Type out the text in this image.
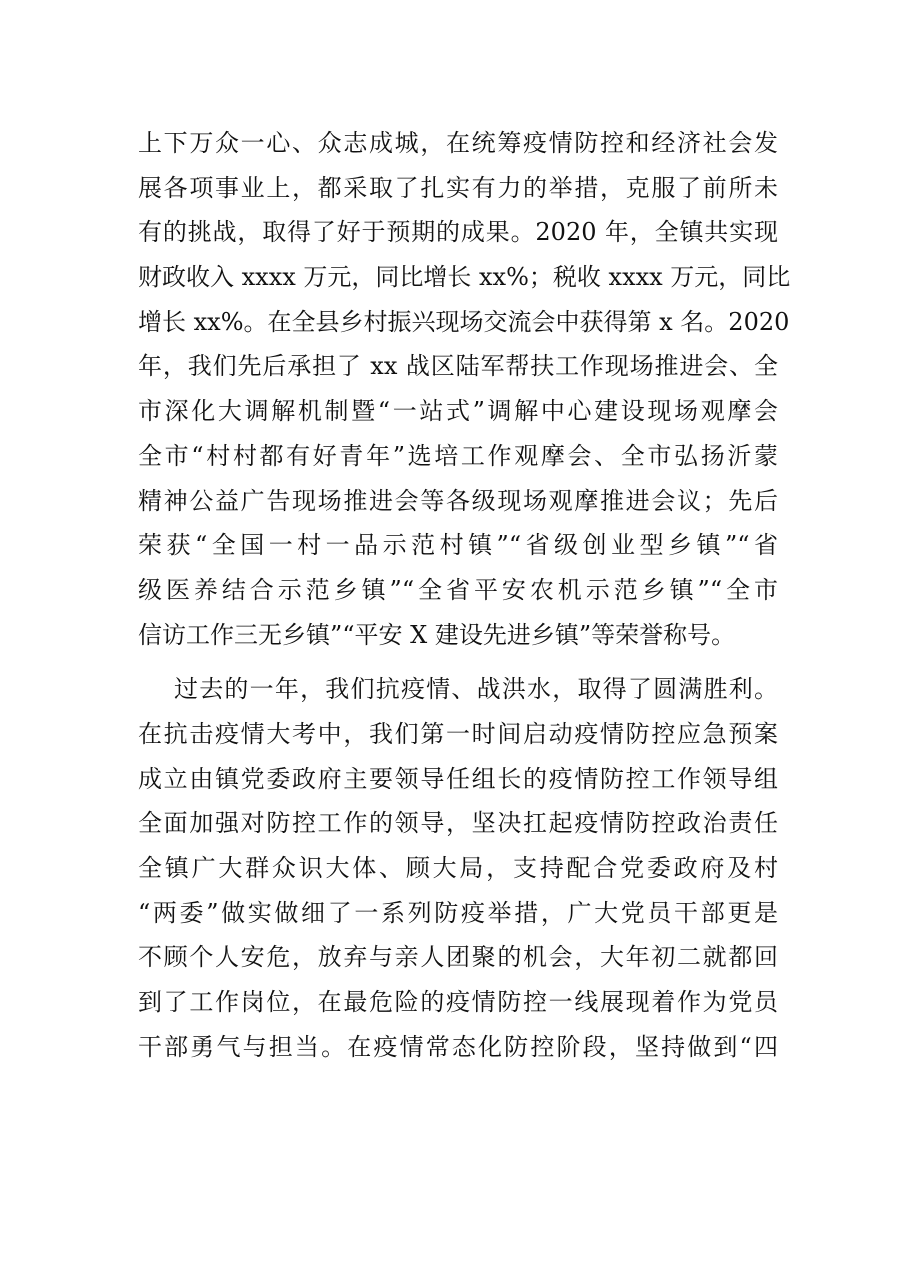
上下万众一心、众志成城，在统筹疫情防控和经济社会发
展各项事业上，都采取了扎实有力的举措，克服了前所未
有的挑战，取得了好于预期的成果。2020 年，全镇共实现
财政收入 xxxx 万元，同比增长 xx%；税收 xxxx 万元，同比
增长 xx%。在全县乡村振兴现场交流会中获得第 x 名。2020
年，我们先后承担了 xx 战区陆军帮扶工作现场推进会、全
市深化大调解机制暨“一站式”调解中心建设现场观摩会
全市“村村都有好青年”选培工作观摩会、全市弘扬沂蒙
精神公益广告现场推进会等各级现场观摩推进会议；先后
荣获“全国一村一品示范村镇”“省级创业型乡镇”“省
级医养结合示范乡镇”“全省平安农机示范乡镇”“全市
信访工作三无乡镇”“平安 X 建设先进乡镇”等荣誉称号。
过去的一年，我们抗疫情、战洪水，取得了圆满胜利。
在抗击疫情大考中，我们第一时间启动疫情防控应急预案
成立由镇党委政府主要领导任组长的疫情防控工作领导组
全面加强对防控工作的领导，坚决扛起疫情防控政治责任
全镇广大群众识大体、顾大局，支持配合党委政府及村
“两委”做实做细了一系列防疫举措，广大党员干部更是
不顾个人安危，放弃与亲人团聚的机会，大年初二就都回
到了工作岗位，在最危险的疫情防控一线展现着作为党员
干部勇气与担当。在疫情常态化防控阶段，坚持做到“四
